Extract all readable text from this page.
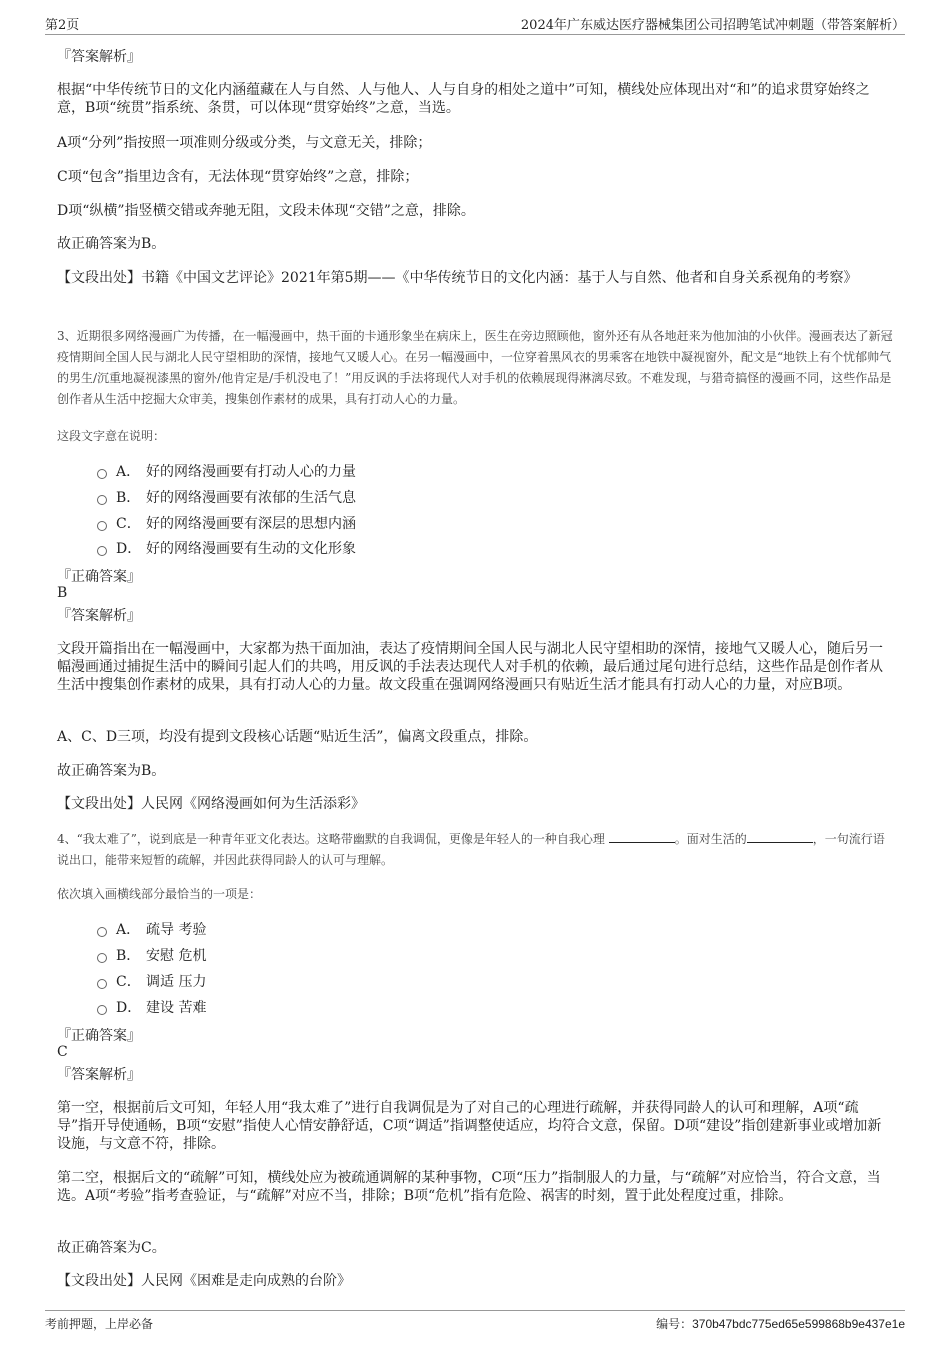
第2页	2024年广东威达医疗器械集团公司招聘笔试冲刺题（带答案解析）
『答案解析』
根据“中华传统节日的文化内涵蕴藏在人与自然、人与他人、人与自身的相处之道中”可知，横线处应体现出对“和”的追求贯穿始终之意，B项“统贯”指系统、条贯，可以体现“贯穿始终”之意，当选。
A项“分列”指按照一项准则分级或分类，与文意无关，排除；
C项“包含”指里边含有，无法体现“贯穿始终”之意，排除；
D项“纵横”指竖横交错或奔驰无阻，文段未体现“交错”之意，排除。
故正确答案为B。
【文段出处】书籍《中国文艺评论》2021年第5期——《中华传统节日的文化内涵：基于人与自然、他者和自身关系视角的考察》
3、近期很多网络漫画广为传播，在一幅漫画中，热干面的卡通形象坐在病床上，医生在旁边照顾他，窗外还有从各地赶来为他加油的小伙伴。漫画表达了新冠疫情期间全国人民与湖北人民守望相助的深情，接地气又暖人心。在另一幅漫画中，一位穿着黑风衣的男乘客在地铁中凝视窗外，配文是“地铁上有个忧郁帅气的男生/沉重地凝视漆黑的窗外/他肯定是/手机没电了！”用反讽的手法将现代人对手机的依赖展现得淋漓尽致。不难发现，与猎奇搞怪的漫画不同，这些作品是创作者从生活中挖掘大众审美，搜集创作素材的成果，具有打动人心的力量。
这段文字意在说明：
A． 好的网络漫画要有打动人心的力量
B． 好的网络漫画要有浓郁的生活气息
C． 好的网络漫画要有深层的思想内涵
D． 好的网络漫画要有生动的文化形象
『正确答案』
B
『答案解析』
文段开篇指出在一幅漫画中，大家都为热干面加油，表达了疫情期间全国人民与湖北人民守望相助的深情，接地气又暖人心，随后另一幅漫画通过捕捉生活中的瞬间引起人们的共鸣，用反讽的手法表达现代人对手机的依赖，最后通过尾句进行总结，这些作品是创作者从生活中搜集创作素材的成果，具有打动人心的力量。故文段重在强调网络漫画只有贴近生活才能具有打动人心的力量，对应B项。
A、C、D三项，均没有提到文段核心话题“贴近生活”，偏离文段重点，排除。
故正确答案为B。
【文段出处】人民网《网络漫画如何为生活添彩》
4、“我太难了”，说到底是一种青年亚文化表达。这略带幽默的自我调侃，更像是年轻人的一种自我心理	。面对生活的	，一句流行语说出口，能带来短暂的疏解，并因此获得同龄人的认可与理解。
依次填入画横线部分最恰当的一项是：
A． 疏导 考验
B． 安慰 危机
C． 调适 压力
D． 建设 苦难
『正确答案』
C
『答案解析』
第一空，根据前后文可知，年轻人用“我太难了”进行自我调侃是为了对自己的心理进行疏解，并获得同龄人的认可和理解，A项“疏导”指开导使通畅，B项“安慰”指使人心情安静舒适，C项“调适”指调整使适应，均符合文意，保留。D项“建设”指创建新事业或增加新设施，与文意不符，排除。
第二空，根据后文的“疏解”可知，横线处应为被疏通调解的某种事物，C项“压力”指制服人的力量，与“疏解”对应恰当，符合文意，当选。A项“考验”指考查验证，与“疏解”对应不当，排除；B项“危机”指有危险、祸害的时刻，置于此处程度过重，排除。
故正确答案为C。
【文段出处】人民网《困难是走向成熟的台阶》
考前押题，上岸必备	编号：370b47bdc775ed65e599868b9e437e1e
